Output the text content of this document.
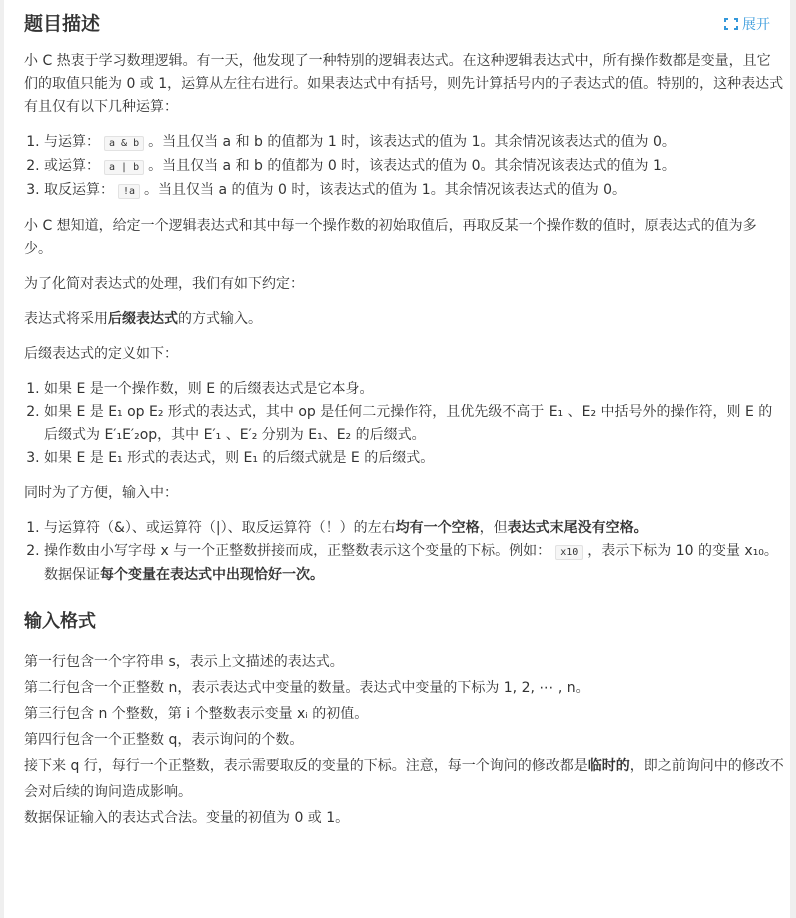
题目描述	展开

小 C 热衷于学习数理逻辑。有一天，他发现了一种特别的逻辑表达式。在这种逻辑表达式中，所有操作数都是变量，且它们的取值只能为 0 或 1，运算从左往右进行。如果表达式中有括号，则先计算括号内的子表达式的值。特别的，这种表达式有且仅有以下几种运算：

1. 与运算： a & b 。当且仅当 a 和 b 的值都为 1 时，该表达式的值为 1。其余情况该表达式的值为 0。
2. 或运算： a | b 。当且仅当 a 和 b 的值都为 0 时，该表达式的值为 0。其余情况该表达式的值为 1。
3. 取反运算： !a 。当且仅当 a 的值为 0 时，该表达式的值为 1。其余情况该表达式的值为 0。

小 C 想知道，给定一个逻辑表达式和其中每一个操作数的初始取值后，再取反某一个操作数的值时，原表达式的值为多少。

为了化简对表达式的处理，我们有如下约定：

表达式将采用后缀表达式的方式输入。

后缀表达式的定义如下：

1. 如果 E 是一个操作数，则 E 的后缀表达式是它本身。
2. 如果 E 是 E₁ op E₂ 形式的表达式，其中 op 是任何二元操作符，且优先级不高于 E₁ 、E₂ 中括号外的操作符，则 E 的后缀式为 E′₁E′₂op，其中 E′₁ 、E′₂ 分别为 E₁、E₂ 的后缀式。
3. 如果 E 是 E₁ 形式的表达式，则 E₁ 的后缀式就是 E 的后缀式。

同时为了方便，输入中：

1. 与运算符（&）、或运算符（|）、取反运算符（！）的左右均有一个空格，但表达式末尾没有空格。
2. 操作数由小写字母 x 与一个正整数拼接而成，正整数表示这个变量的下标。例如： x10 ，表示下标为 10 的变量 x₁₀。数据保证每个变量在表达式中出现恰好一次。
输入格式
第一行包含一个字符串 s，表示上文描述的表达式。
第二行包含一个正整数 n，表示表达式中变量的数量。表达式中变量的下标为 1, 2, ⋯ , n。
第三行包含 n 个整数，第 i 个整数表示变量 xᵢ 的初值。
第四行包含一个正整数 q，表示询问的个数。
接下来 q 行，每行一个正整数，表示需要取反的变量的下标。注意，每一个询问的修改都是临时的，即之前询问中的修改不会对后续的询问造成影响。
数据保证输入的表达式合法。变量的初值为 0 或 1。
